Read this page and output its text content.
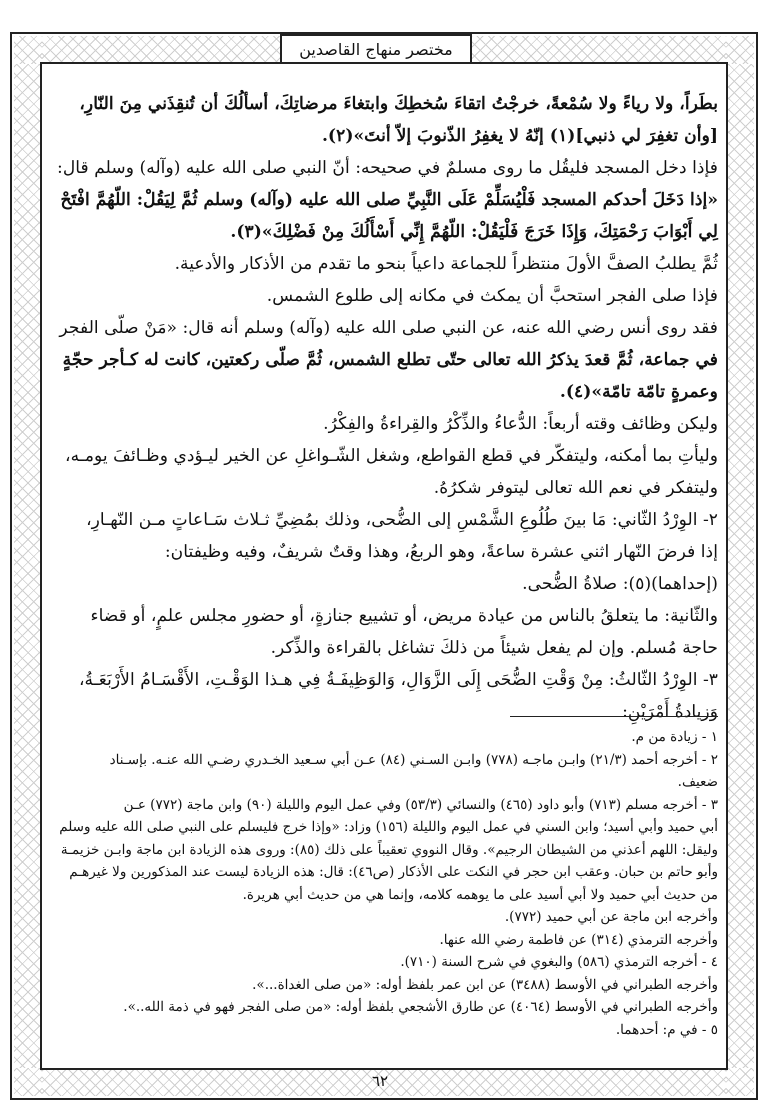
مختصر منهاج القاصدين

بطَراً، ولا رياءً ولا سُمْعةً، خرجْتُ اتقاءَ سُخطِكَ وابتغاءَ مرضاتِكَ، أسألُكَ أن تُنقِذَني مِنَ النّارِ،

[وأن تغفِرَ لي ذنبي](١) إنّهُ لا يغفِرُ الذّنوبَ إلاّ أنتَ»(٢).

فإذا دخل المسجد فليقُل ما روى مسلمٌ في صحيحه: أنّ النبي صلى الله عليه (وآله) وسلم قال:

«إذا دَخَلَ أحدكم المسجد فَلْيُسَلِّمْ عَلَى النَّبِيِّ صلى الله عليه (وآله) وسلم ثُمَّ لِيَقُلْ: اللّهُمَّ افْتَحْ

لِي أَبْوَابَ رَحْمَتِكَ، وَإِذَا خَرَجَ فَلْيَقُلْ: اللّهُمَّ إِنِّي أَسْأَلُكَ مِنْ فَضْلِكَ»(٣).

ثُمَّ يطلبُ الصفَّ الأولَ منتظراً للجماعة داعياً بنحو ما تقدم من الأذكار والأدعية.

فإذا صلى الفجر استحبَّ أن يمكث في مكانه إلى طلوع الشمس.

فقد روى أنس رضي الله عنه، عن النبي صلى الله عليه (وآله) وسلم أنه قال: «مَنْ صلّى الفجر

في جماعة، ثُمَّ قعدَ يذكرُ الله تعالى حتّى تطلع الشمس، ثُمَّ صلّى ركعتين، كانت له كـأجر حجّةٍ

وعمرةٍ تامّة تامّة»(٤).

وليكن وظائف وقته أربعاً: الدُّعاءُ والذِّكْرُ والقِراءةُ والفِكْرُ.

وليأتِ بما أمكنه، وليتفكّر في قطع القواطع، وشغل الشّـواغلِ عن الخير ليـؤدي وظـائفَ يومـه،

وليتفكر في نعم الله تعالى ليتوفر شكرُهُ.

٢- الوِرْدُ الثّاني: مَا بينَ طُلُوعِ الشَّمْسِ إلى الضُّحى، وذلك بمُضِيِّ ثـلاث سَـاعاتٍ مـن النّهـارِ،

إذا فرضَ النّهار اثني عشرة ساعةً، وهو الربعُ، وهذا وقتٌ شريفٌ، وفيه وظيفتان:

(إحداهما)(٥): صلاةُ الضُّحى.

والثّانية: ما يتعلقُ بالناس من عيادة مريض، أو تشييع جنازةٍ، أو حضورِ مجلس علمٍ، أو قضاء

حاجة مُسلم. وإن لم يفعل شيئاً من ذلكَ تشاغل بالقراءة والذِّكر.

٣- الوِرْدُ الثّالثُ: مِنْ وَقْتِ الضُّحَى إِلَى الزَّوَالِ، وَالوَظِيفَـةُ فِي هـذا الوَقْـتِ، الأَقْسَـامُ الأَرْبَعَـةُ،

وَزيادةُ أَمْرَيْنِ:

١ - زيادة من م.

٢ - أخرجه أحمد (٢١/٣) وابـن ماجـه (٧٧٨) وابـن السـني (٨٤) عـن أبي سـعيد الخـدري رضـي الله عنـه. بإسـناد

ضعيف.

٣ - أخرجه مسلم (٧١٣) وأبو داود (٤٦٥) والنسائي (٥٣/٣) وفي عمل اليوم والليلة (٩٠) وابن ماجة (٧٧٢) عـن

أبي حميد وأبي أسيد؛ وابن السني في عمل اليوم والليلة (١٥٦) وزاد: «وإذا خرج فليسلم على النبي صلى الله عليه وسلم

وليقل: اللهم أعذني من الشيطان الرجيم». وقال النووي تعقيباً على ذلك (٨٥): وروى هذه الزيادة ابن ماجة وابـن خزيمـة

وأبو حاتم بن حبان. وعقب ابن حجر في النكت على الأذكار (ص٤٦): قال: هذه الزيادة ليست عند المذكورين ولا غيرهـم

من حديث أبي حميد ولا أبي أسيد على ما يوهمه كلامه، وإنما هي من حديث أبي هريرة.

وأخرجه ابن ماجة عن أبي حميد (٧٧٢).

وأخرجه الترمذي (٣١٤) عن فاطمة رضي الله عنها.

٤ - أخرجه الترمذي (٥٨٦) والبغوي في شرح السنة (٧١٠).

وأخرجه الطبراني في الأوسط (٣٤٨٨) عن ابن عمر بلفظ أوله: «من صلى الغداة...».

وأخرجه الطبراني في الأوسط (٤٠٦٤) عن طارق الأشجعي بلفظ أوله: «من صلى الفجر فهو في ذمة الله..».

٥ - في م: أحدهما.

٦٢
